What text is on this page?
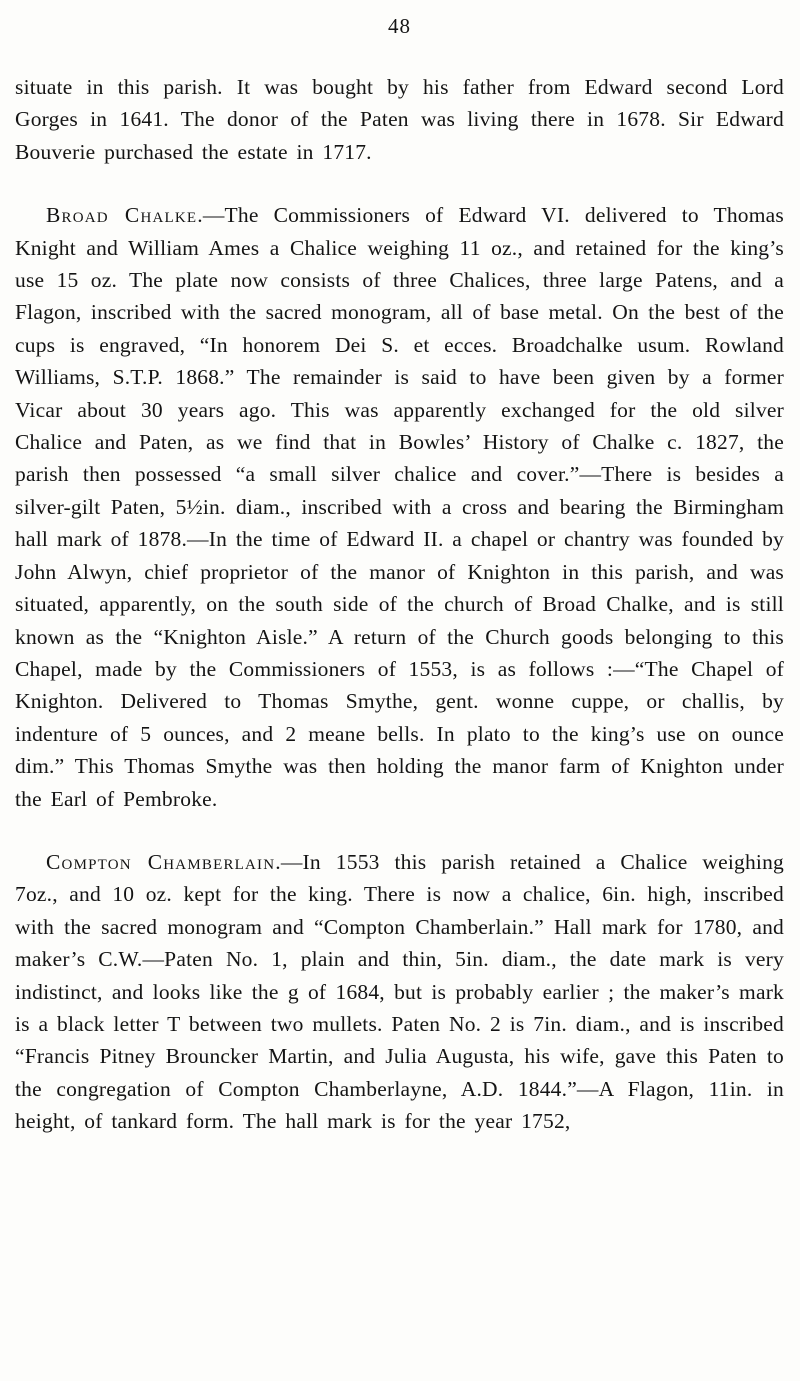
48

situate in this parish. It was bought by his father from Edward second Lord Gorges in 1641. The donor of the Paten was living there in 1678. Sir Edward Bouverie purchased the estate in 1717.

Broad Chalke.—The Commissioners of Edward VI. delivered to Thomas Knight and William Ames a Chalice weighing 11 oz., and retained for the king’s use 15 oz. The plate now consists of three Chalices, three large Patens, and a Flagon, inscribed with the sacred monogram, all of base metal. On the best of the cups is engraved, “In honorem Dei S. et ecces. Broadchalke usum. Rowland Williams, S.T.P. 1868.” The remainder is said to have been given by a former Vicar about 30 years ago. This was apparently exchanged for the old silver Chalice and Paten, as we find that in Bowles’ History of Chalke c. 1827, the parish then possessed “a small silver chalice and cover.”—There is besides a silver-gilt Paten, 5½in. diam., inscribed with a cross and bearing the Birmingham hall mark of 1878.—In the time of Edward II. a chapel or chantry was founded by John Alwyn, chief proprietor of the manor of Knighton in this parish, and was situated, apparently, on the south side of the church of Broad Chalke, and is still known as the “Knighton Aisle.” A return of the Church goods belonging to this Chapel, made by the Commissioners of 1553, is as follows :—“The Chapel of Knighton. Delivered to Thomas Smythe, gent. wonne cuppe, or challis, by indenture of 5 ounces, and 2 meane bells. In plato to the king’s use on ounce dim.” This Thomas Smythe was then holding the manor farm of Knighton under the Earl of Pembroke.

Compton Chamberlain.—In 1553 this parish retained a Chalice weighing 7oz., and 10 oz. kept for the king. There is now a chalice, 6in. high, inscribed with the sacred monogram and “Compton Chamberlain.” Hall mark for 1780, and maker’s C.W.—Paten No. 1, plain and thin, 5in. diam., the date mark is very indistinct, and looks like the g of 1684, but is probably earlier ; the maker’s mark is a black letter T between two mullets. Paten No. 2 is 7in. diam., and is inscribed “Francis Pitney Brouncker Martin, and Julia Augusta, his wife, gave this Paten to the congregation of Compton Chamberlayne, A.D. 1844.”—A Flagon, 11in. in height, of tankard form. The hall mark is for the year 1752,
